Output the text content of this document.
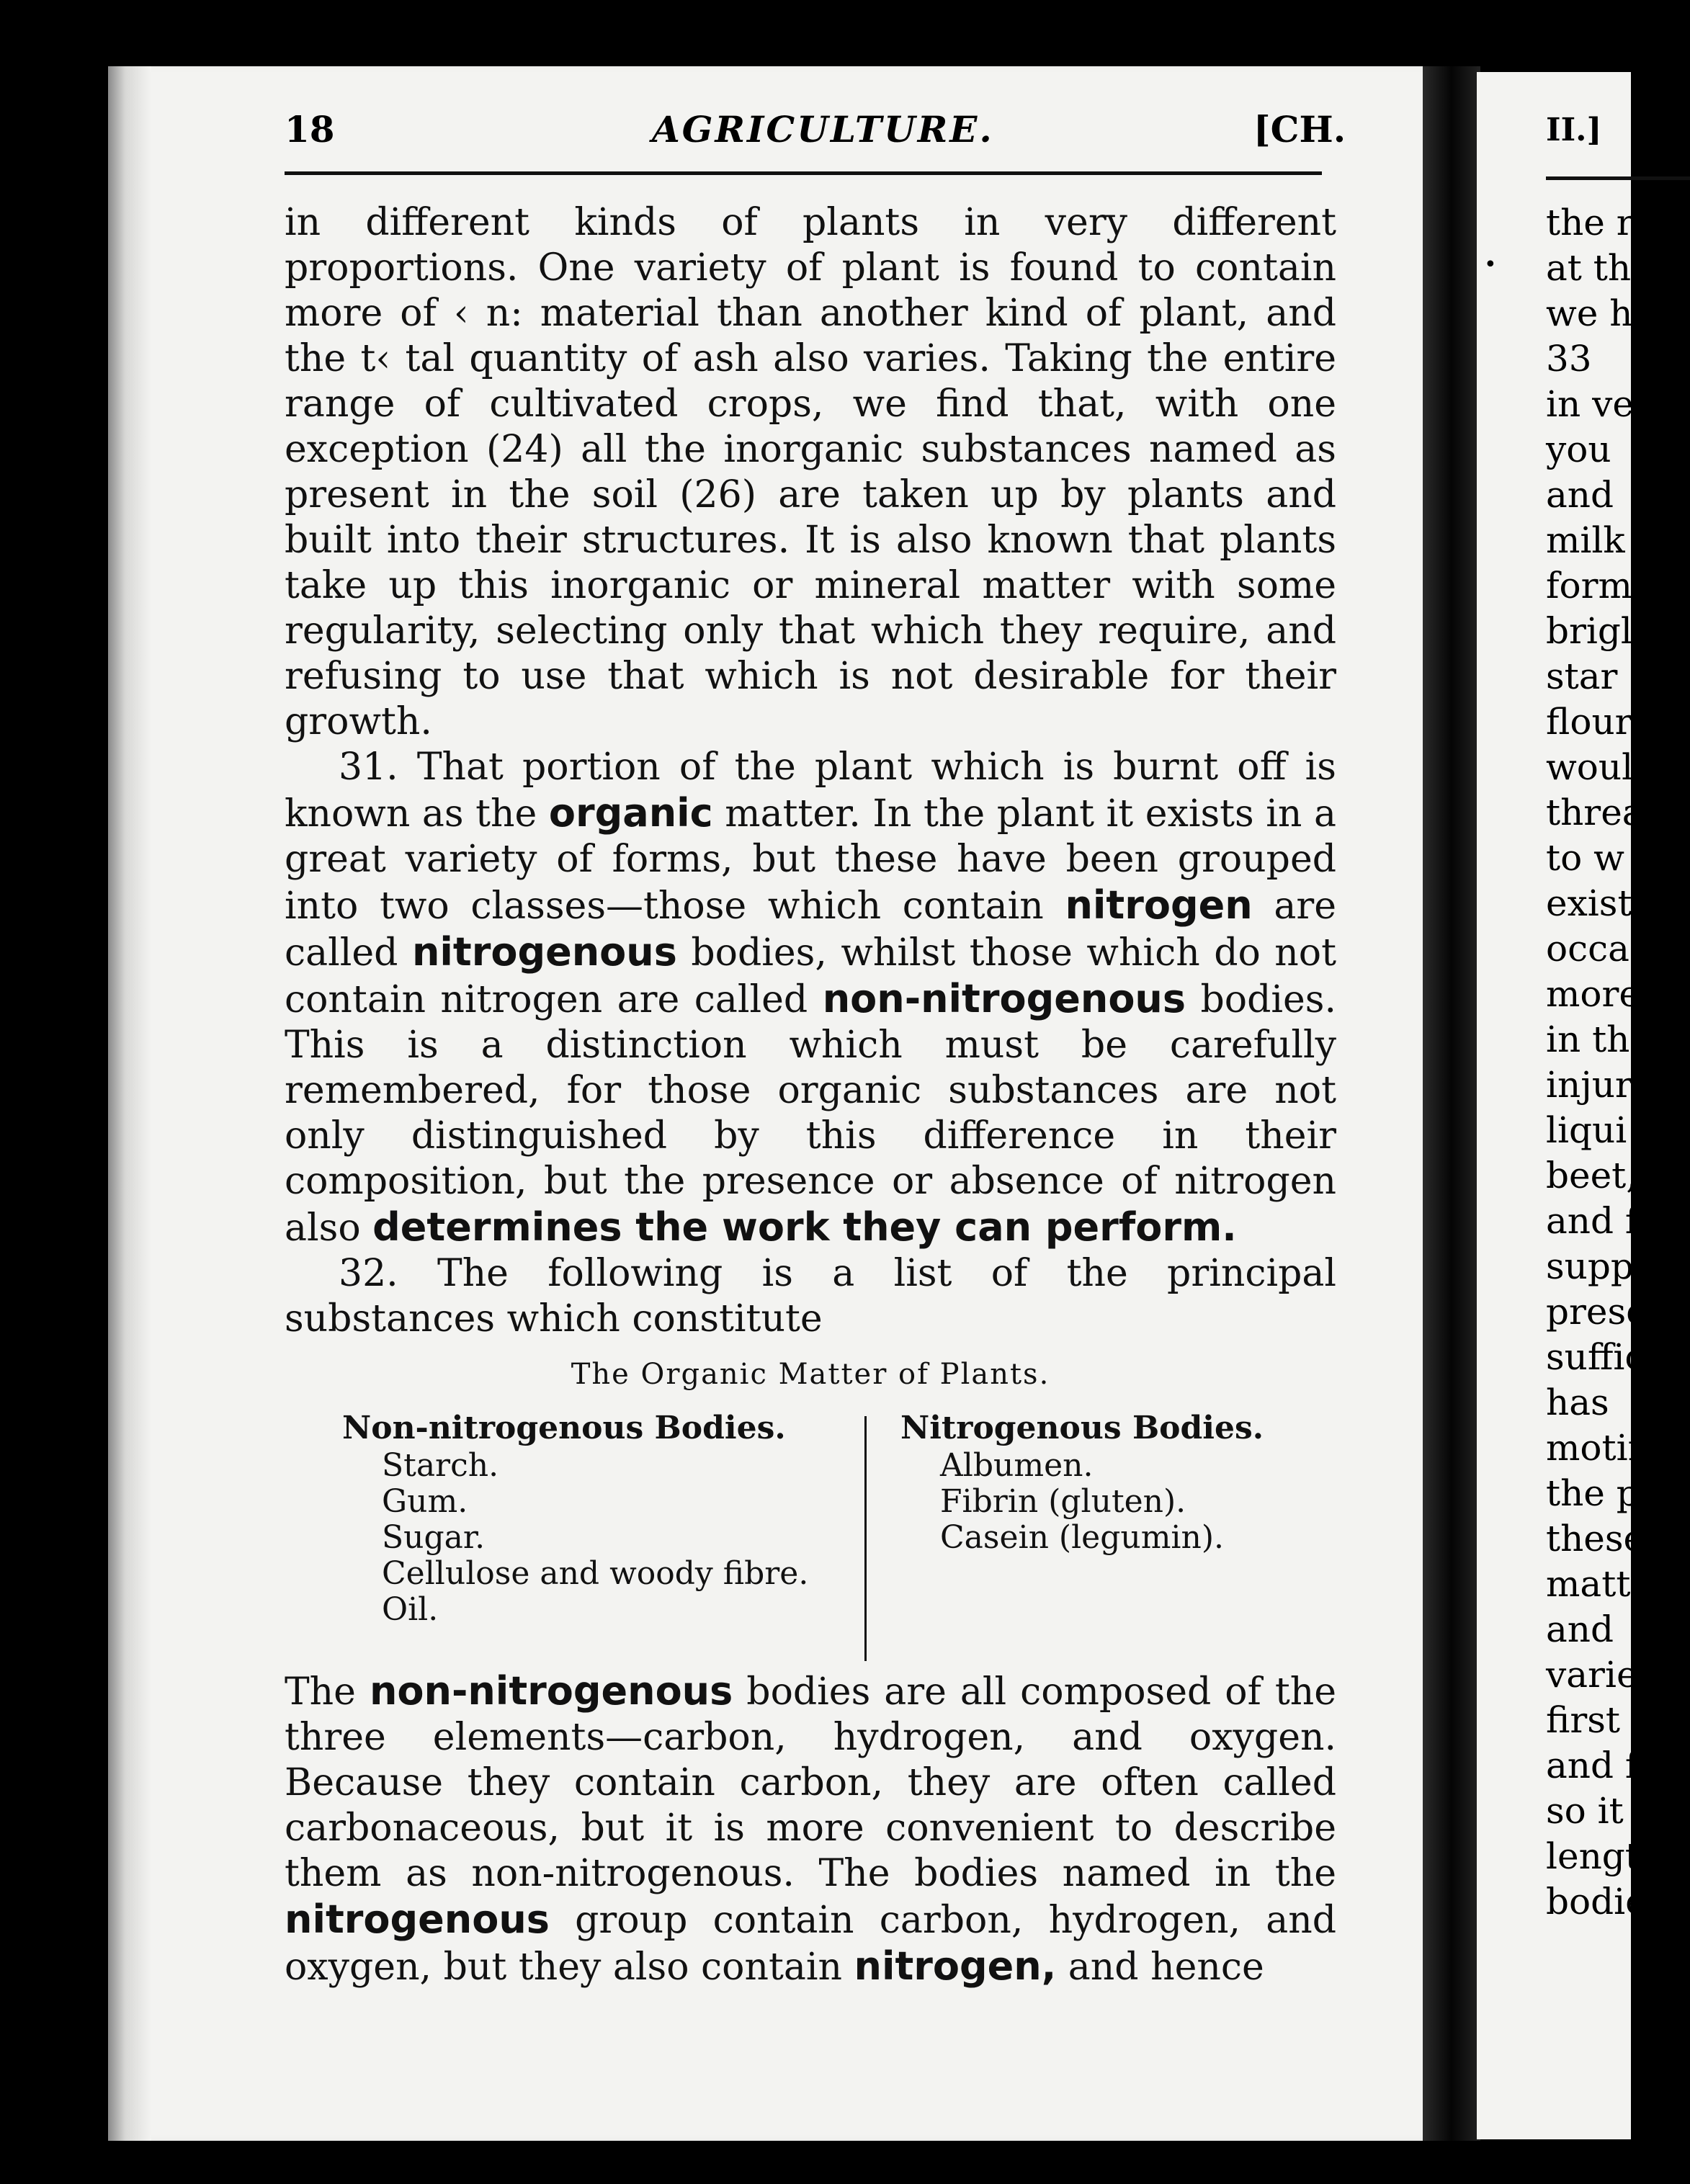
18	AGRICULTURE.	[CH.

in different kinds of plants in very different proportions. One variety of plant is found to contain more of ‹ n: material than another kind of plant, and the t‹ tal quantity of ash also varies. Taking the entire range of cultivated crops, we find that, with one exception (24) all the inorganic substances named as present in the soil (26) are taken up by plants and built into their structures. It is also known that plants take up this inorganic or mineral matter with some regularity, selecting only that which they require, and refusing to use that which is not desirable for their growth.

31. That portion of the plant which is burnt off is known as the organic matter. In the plant it exists in a great variety of forms, but these have been grouped into two classes—those which contain nitrogen are called nitrogenous bodies, whilst those which do not contain nitrogen are called non-nitrogenous bodies. This is a distinction which must be carefully remembered, for those organic substances are not only distinguished by this difference in their composition, but the presence or absence of nitrogen also determines the work they can perform.

32. The following is a list of the principal substances which constitute

The Organic Matter of Plants.
Non-nitrogenous Bodies.
Starch.
Gum.
Sugar.
Cellulose and woody fibre.
Oil.
Nitrogenous Bodies.
Albumen.
Fibrin (gluten).
Casein (legumin).

The non-nitrogenous bodies are all composed of the three elements—carbon, hydrogen, and oxygen. Because they contain carbon, they are often called carbonaceous, but it is more convenient to describe them as non-nitrogenous. The bodies named in the nitrogenous group contain carbon, hydrogen, and oxygen, but they also contain nitrogen, and hence

II.]
•
the r
at th
we h
33
in ve
you
and
milk
form
brigl
star
flour
woul
threa
to w
exist
occa
more
in th
injur
liqui
beet,
and f
supp
prese
suffic
has
motir
the p
these
matte
and
varie
first i
and f
so it
lengt
bodie
